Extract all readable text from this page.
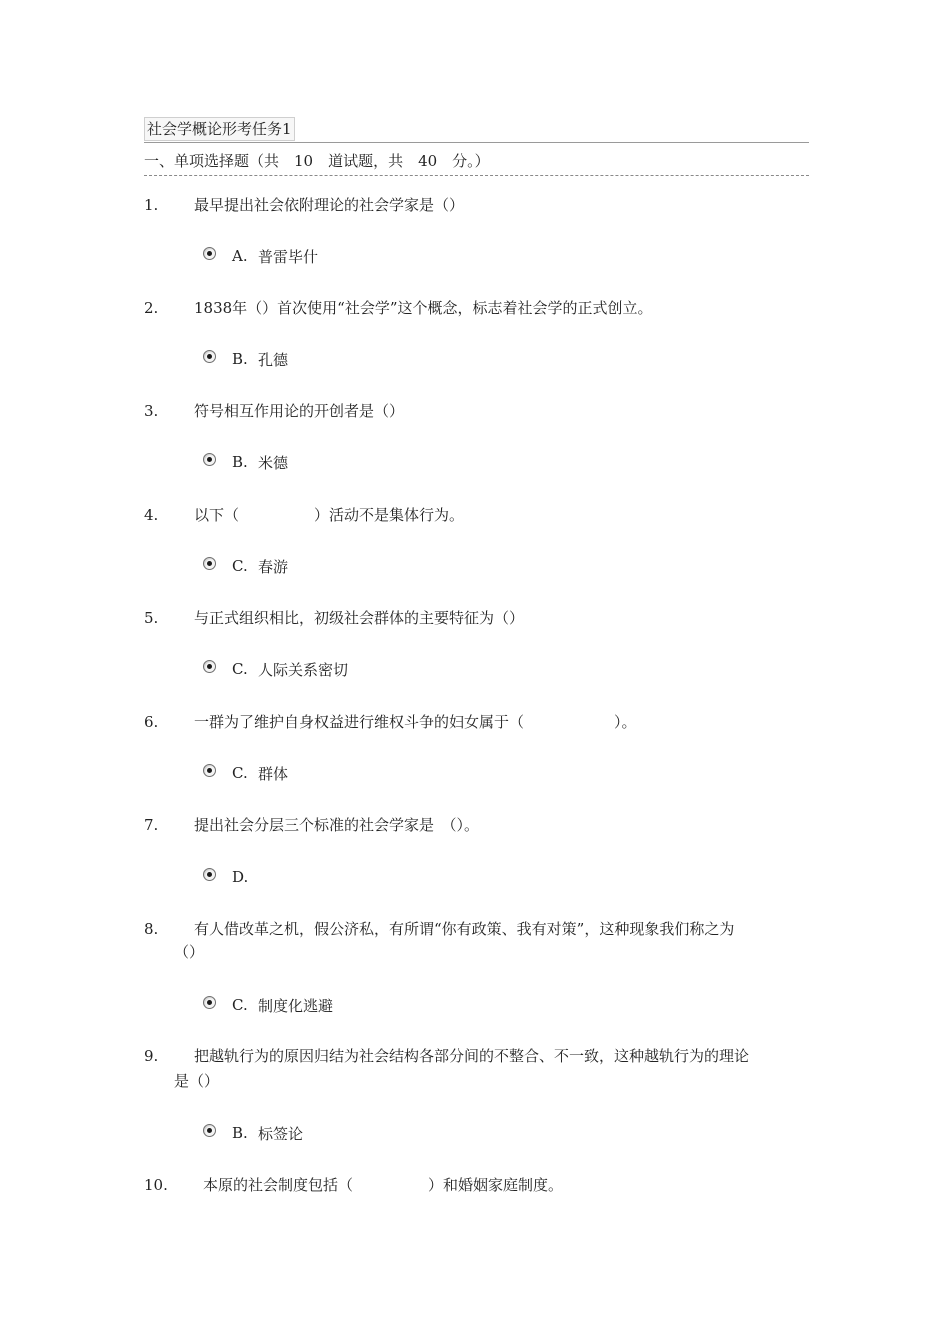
社会学概论形考任务1
一、单项选择题（共　10　道试题，共　40　分。）
1. 最早提出社会依附理论的社会学家是（）
A. 普雷毕什
2. 1838年（）首次使用“社会学”这个概念，标志着社会学的正式创立。
B. 孔德
3. 符号相互作用论的开创者是（）
B. 米德
4. 以下（　　　　　）活动不是集体行为。
C. 春游
5. 与正式组织相比，初级社会群体的主要特征为（）
C. 人际关系密切
6. 一群为了维护自身权益进行维权斗争的妇女属于（　　　　　　）。
C. 群体
7. 提出社会分层三个标准的社会学家是　（）。
D.
8. 有人借改革之机，假公济私，有所谓“你有政策、我有对策”，这种现象我们称之为
（）
C. 制度化逃避
9. 把越轨行为的原因归结为社会结构各部分间的不整合、不一致，这种越轨行为的理论
是（）
B. 标签论
10. 本原的社会制度包括（　　　　　）和婚姻家庭制度。
